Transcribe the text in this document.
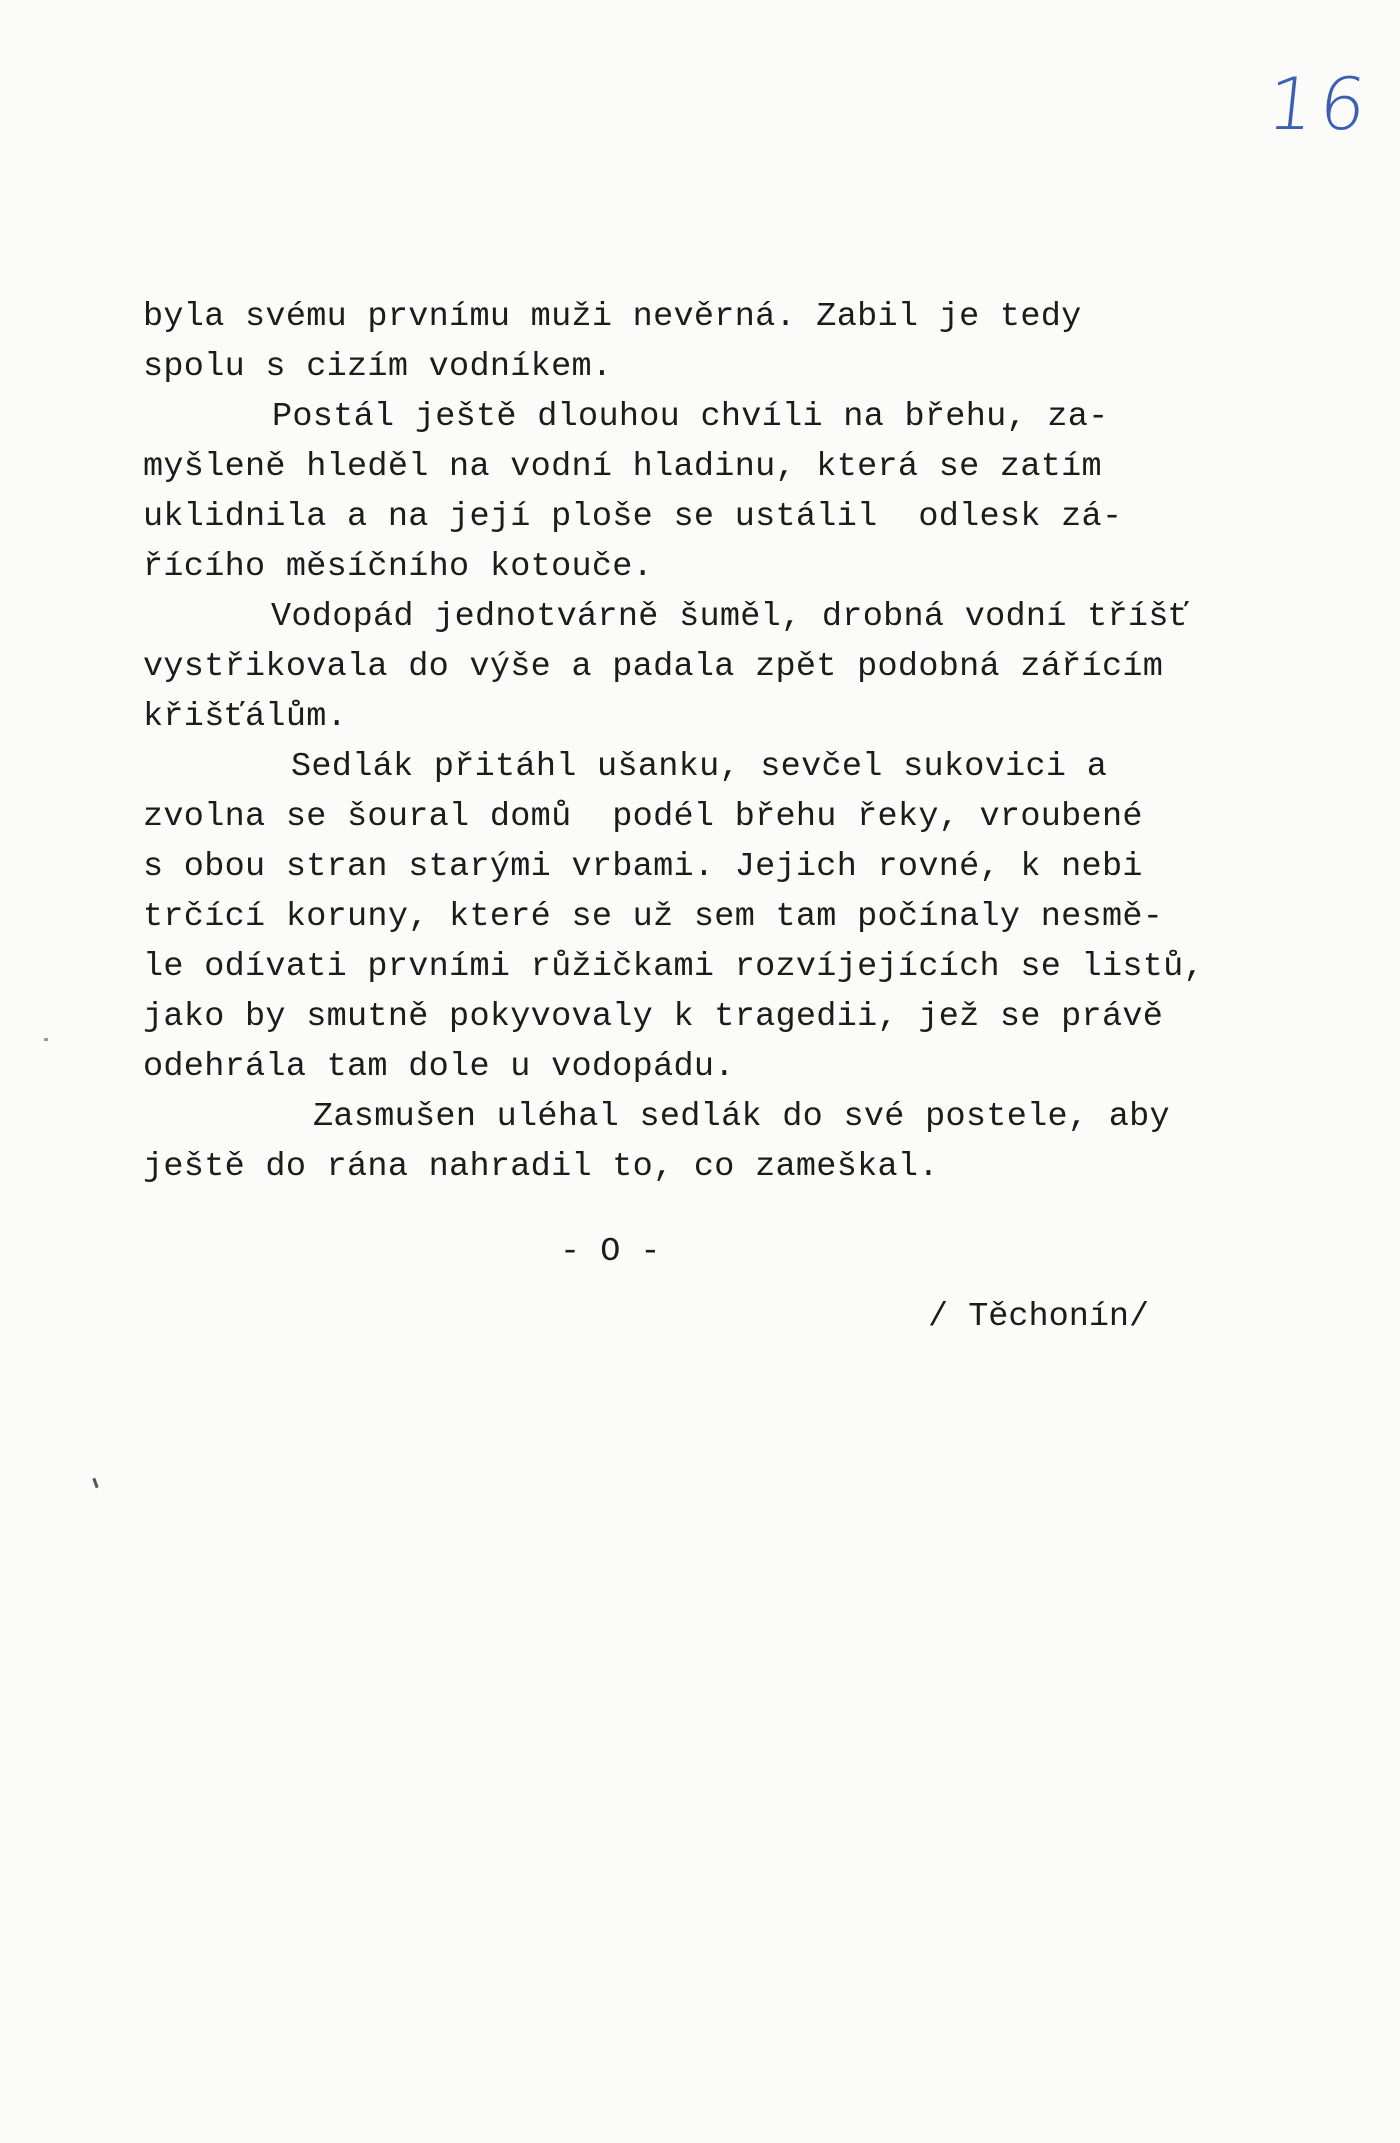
16
byla svému prvnímu muži nevěrná. Zabil je tedy
spolu s cizím vodníkem.
Postál ještě dlouhou chvíli na břehu, za-
myšleně hleděl na vodní hladinu, která se zatím
uklidnila a na její ploše se ustálil  odlesk zá-
řícího měsíčního kotouče.
Vodopád jednotvárně šuměl, drobná vodní tříšť
vystřikovala do výše a padala zpět podobná zářícím
křišťálům.
Sedlák přitáhl ušanku, sevčel sukovici a
zvolna se šoural domů  podél břehu řeky, vroubené
s obou stran starými vrbami. Jejich rovné, k nebi
trčící koruny, které se už sem tam počínaly nesmě-
le odívati prvními růžičkami rozvíjejících se listů,
jako by smutně pokyvovaly k tragedii, jež se právě
odehrála tam dole u vodopádu.
Zasmušen uléhal sedlák do své postele, aby
ještě do rána nahradil to, co zameškal.
- O -
/ Těchonín/
